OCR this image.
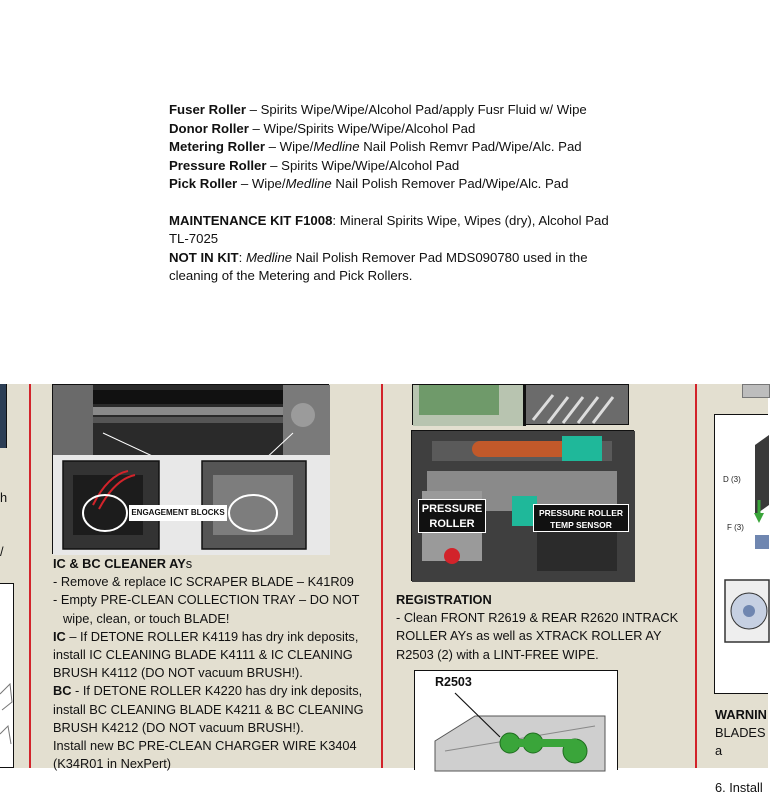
Fuser Roller – Spirits Wipe/Wipe/Alcohol Pad/apply Fusr Fluid w/ Wipe

Donor Roller – Wipe/Spirits Wipe/Wipe/Alcohol Pad

Metering Roller – Wipe/Medline Nail Polish Remvr Pad/Wipe/Alc. Pad

Pressure Roller – Spirits Wipe/Wipe/Alcohol Pad

Pick Roller – Wipe/Medline Nail Polish Remover Pad/Wipe/Alc. Pad

MAINTENANCE KIT F1008: Mineral Spirits Wipe, Wipes (dry), Alcohol Pad TL-7025

NOT IN KIT: Medline Nail Polish Remover Pad MDS090780 used in the cleaning of the Metering and Pick Rollers.

h
/
ENGAGEMENT BLOCKS

IC & BC CLEANER AYs

- Remove & replace IC SCRAPER BLADE – K41R09

- Empty PRE-CLEAN COLLECTION TRAY – DO NOT

wipe, clean, or touch BLADE!

IC – If DETONE ROLLER K4119 has dry ink deposits, install IC CLEANING BLADE K4111 & IC CLEANING BRUSH K4112 (DO NOT vacuum BRUSH!).

BC - If DETONE ROLLER K4220 has dry ink deposits, install BC CLEANING BLADE K4211 & BC CLEANING BRUSH K4212 (DO NOT vacuum BRUSH!).

Install new BC PRE-CLEAN CHARGER WIRE K3404

(K34R01 in NexPert)

PRESSURE
ROLLER
PRESSURE ROLLER
TEMP SENSOR

REGISTRATION

- Clean FRONT R2619 & REAR R2620 INTRACK ROLLER AYs as well as XTRACK ROLLER AY R2503 (2) with a LINT-FREE WIPE.

R2503
D (3)
F (3)

WARNIN

BLADES a

6. Install
